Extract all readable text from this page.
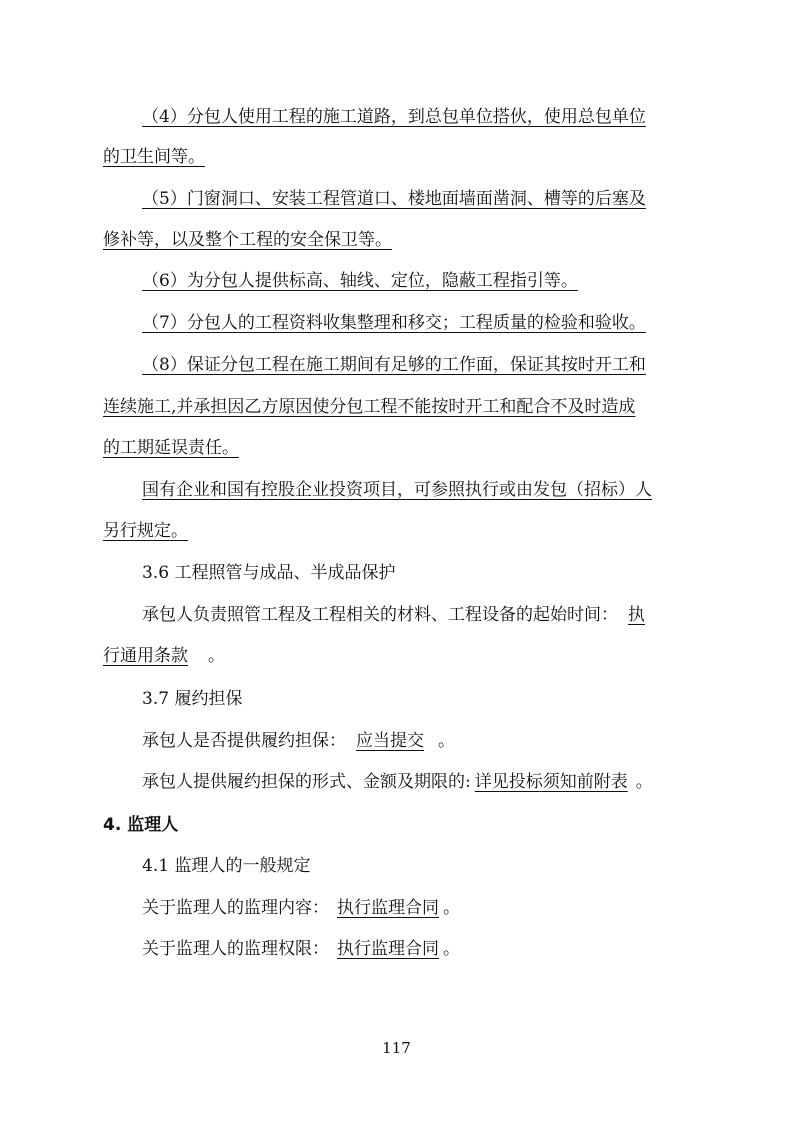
（4）分包人使用工程的施工道路，到总包单位搭伙，使用总包单位
的卫生间等。
（5）门窗洞口、安装工程管道口、楼地面墙面凿洞、槽等的后塞及
修补等，以及整个工程的安全保卫等。
（6）为分包人提供标高、轴线、定位，隐蔽工程指引等。
（7）分包人的工程资料收集整理和移交；工程质量的检验和验收。
（8）保证分包工程在施工期间有足够的工作面，保证其按时开工和
连续施工,并承担因乙方原因使分包工程不能按时开工和配合不及时造成
的工期延误责任。
国有企业和国有控股企业投资项目，可参照执行或由发包（招标）人
另行规定。
3.6 工程照管与成品、半成品保护
承包人负责照管工程及工程相关的材料、工程设备的起始时间： 执
行通用条款 。
3.7 履约担保
承包人是否提供履约担保： 应当提交 。
承包人提供履约担保的形式、金额及期限的: 详见投标须知前附表 。
4. 监理人
4.1 监理人的一般规定
关于监理人的监理内容： 执行监理合同 。
关于监理人的监理权限： 执行监理合同 。
117
